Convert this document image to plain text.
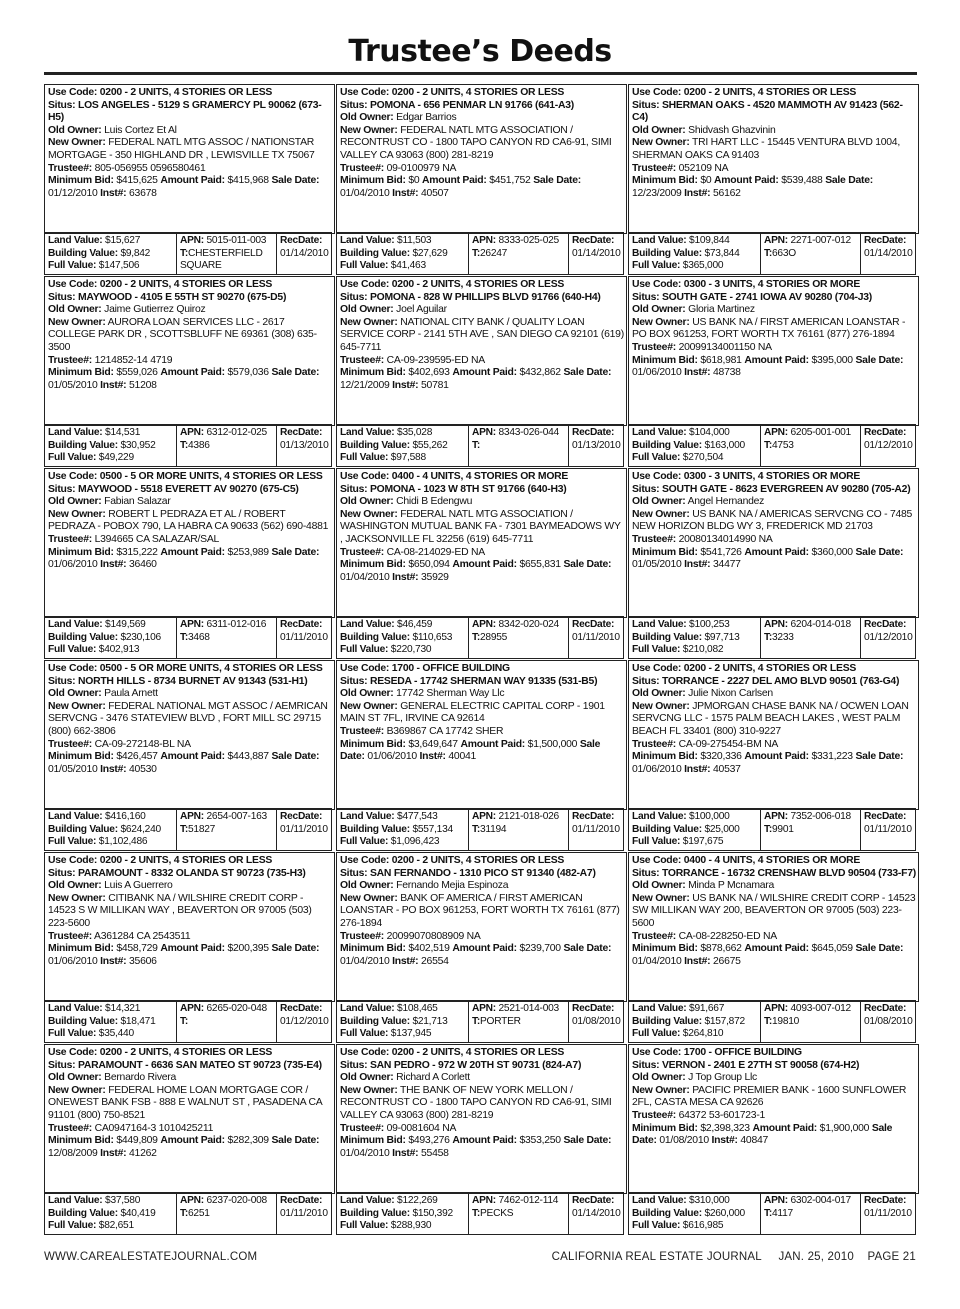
Trustee’s Deeds
Use Code: 0200 - 2 UNITS, 4 STORIES OR LESS
Situs: LOS ANGELES - 5129 S GRAMERCY PL 90062 (673-H5)
Old Owner: Luis Cortez Et Al
New Owner: FEDERAL NATL MTG ASSOC / NATIONSTAR MORTGAGE - 350 HIGHLAND DR , LEWISVILLE TX 75067
Trustee#: 805-056955 0596580461
Minimum Bid: $415,625 Amount Paid: $415,968 Sale Date: 01/12/2010 Inst#: 63678
Land Value: $15,627
Building Value: $9,842
Full Value: $147,506
APN: 5015-011-003
T:CHESTERFIELD SQUARE
RecDate:
01/14/2010
Use Code: 0200 - 2 UNITS, 4 STORIES OR LESS
Situs: POMONA - 656 PENMAR LN 91766 (641-A3)
Old Owner: Edgar Barrios
New Owner: FEDERAL NATL MTG ASSOCIATION / RECONTRUST CO - 1800 TAPO CANYON RD CA6-91, SIMI VALLEY CA 93063 (800) 281-8219
Trustee#: 09-0100979 NA
Minimum Bid: $0 Amount Paid: $451,752 Sale Date: 01/04/2010 Inst#: 40507
Land Value: $11,503
Building Value: $27,629
Full Value: $41,463
APN: 8333-025-025
T:26247
RecDate:
01/14/2010
Use Code: 0200 - 2 UNITS, 4 STORIES OR LESS
Situs: SHERMAN OAKS - 4520 MAMMOTH AV 91423 (562-C4)
Old Owner: Shidvash Ghazvinin
New Owner: TRI HART LLC - 15445 VENTURA BLVD 1004, SHERMAN OAKS CA 91403
Trustee#: 052109 NA
Minimum Bid: $0 Amount Paid: $539,488 Sale Date: 12/23/2009 Inst#: 56162
Land Value: $109,844
Building Value: $73,844
Full Value: $365,000
APN: 2271-007-012
T:663O
RecDate:
01/14/2010
Use Code: 0200 - 2 UNITS, 4 STORIES OR LESS
Situs: MAYWOOD - 4105 E 55TH ST 90270 (675-D5)
Old Owner: Jaime Gutierrez Quiroz
New Owner: AURORA LOAN SERVICES LLC - 2617 COLLEGE PARK DR , SCOTTSBLUFF NE 69361 (308) 635-3500
Trustee#: 1214852-14 4719
Minimum Bid: $559,026 Amount Paid: $579,036 Sale Date: 01/05/2010 Inst#: 51208
Land Value: $14,531
Building Value: $30,952
Full Value: $49,229
APN: 6312-012-025
T:4386
RecDate:
01/13/2010
Use Code: 0200 - 2 UNITS, 4 STORIES OR LESS
Situs: POMONA - 828 W PHILLIPS BLVD 91766 (640-H4)
Old Owner: Joel Aguilar
New Owner: NATIONAL CITY BANK / QUALITY LOAN SERVICE CORP - 2141 5TH AVE , SAN DIEGO CA 92101 (619) 645-7711
Trustee#: CA-09-239595-ED NA
Minimum Bid: $402,693 Amount Paid: $432,862 Sale Date: 12/21/2009 Inst#: 50781
Land Value: $35,028
Building Value: $55,262
Full Value: $97,588
APN: 8343-026-044
T:
RecDate:
01/13/2010
Use Code: 0300 - 3 UNITS, 4 STORIES OR MORE
Situs: SOUTH GATE - 2741 IOWA AV 90280 (704-J3)
Old Owner: Gloria Martinez
New Owner: US BANK NA / FIRST AMERICAN LOANSTAR - PO BOX 961253, FORT WORTH TX 76161 (877) 276-1894
Trustee#: 20099134001150 NA
Minimum Bid: $618,981 Amount Paid: $395,000 Sale Date: 01/06/2010 Inst#: 48738
Land Value: $104,000
Building Value: $163,000
Full Value: $270,504
APN: 6205-001-001
T:4753
RecDate:
01/12/2010
Use Code: 0500 - 5 OR MORE UNITS, 4 STORIES OR LESS
Situs: MAYWOOD - 5518 EVERETT AV 90270 (675-C5)
Old Owner: Fabian Salazar
New Owner: ROBERT L PEDRAZA ET AL / ROBERT PEDRAZA - POBOX 790, LA HABRA CA 90633 (562) 690-4881
Trustee#: L394665 CA SALAZAR/SAL
Minimum Bid: $315,222 Amount Paid: $253,989 Sale Date: 01/06/2010 Inst#: 36460
Land Value: $149,569
Building Value: $230,106
Full Value: $402,913
APN: 6311-012-016
T:3468
RecDate:
01/11/2010
Use Code: 0400 - 4 UNITS, 4 STORIES OR MORE
Situs: POMONA - 1023 W 8TH ST 91766 (640-H3)
Old Owner: Chidi B Edengwu
New Owner: FEDERAL NATL MTG ASSOCIATION / WASHINGTON MUTUAL BANK FA - 7301 BAYMEADOWS WY , JACKSONVILLE FL 32256 (619) 645-7711
Trustee#: CA-08-214029-ED NA
Minimum Bid: $650,094 Amount Paid: $655,831 Sale Date: 01/04/2010 Inst#: 35929
Land Value: $46,459
Building Value: $110,653
Full Value: $220,730
APN: 8342-020-024
T:28955
RecDate:
01/11/2010
Use Code: 0300 - 3 UNITS, 4 STORIES OR MORE
Situs: SOUTH GATE - 8623 EVERGREEN AV 90280 (705-A2)
Old Owner: Angel Hernandez
New Owner: US BANK NA / AMERICAS SERVCNG CO - 7485 NEW HORIZON BLDG WY 3, FREDERICK MD 21703
Trustee#: 20080134014990 NA
Minimum Bid: $541,726 Amount Paid: $360,000 Sale Date: 01/05/2010 Inst#: 34477
Land Value: $100,253
Building Value: $97,713
Full Value: $210,082
APN: 6204-014-018
T:3233
RecDate:
01/12/2010
Use Code: 0500 - 5 OR MORE UNITS, 4 STORIES OR LESS
Situs: NORTH HILLS - 8734 BURNET AV 91343 (531-H1)
Old Owner: Paula Arnett
New Owner: FEDERAL NATIONAL MGT ASSOC / AEMRICAN SERVCNG - 3476 STATEVIEW BLVD , FORT MILL SC 29715 (800) 662-3806
Trustee#: CA-09-272148-BL NA
Minimum Bid: $426,457 Amount Paid: $443,887 Sale Date: 01/05/2010 Inst#: 40530
Land Value: $416,160
Building Value: $624,240
Full Value: $1,102,486
APN: 2654-007-163
T:51827
RecDate:
01/11/2010
Use Code: 1700 - OFFICE BUILDING
Situs: RESEDA - 17742 SHERMAN WAY 91335 (531-B5)
Old Owner: 17742 Sherman Way Llc
New Owner: GENERAL ELECTRIC CAPITAL CORP - 1901 MAIN ST 7FL, IRVINE CA 92614
Trustee#: B369867 CA 17742 SHER
Minimum Bid: $3,649,647 Amount Paid: $1,500,000 Sale Date: 01/06/2010 Inst#: 40041
Land Value: $477,543
Building Value: $557,134
Full Value: $1,096,423
APN: 2121-018-026
T:31194
RecDate:
01/11/2010
Use Code: 0200 - 2 UNITS, 4 STORIES OR LESS
Situs: TORRANCE - 2227 DEL AMO BLVD 90501 (763-G4)
Old Owner: Julie Nixon Carlsen
New Owner: JPMORGAN CHASE BANK NA / OCWEN LOAN SERVCNG LLC - 1575 PALM BEACH LAKES , WEST PALM BEACH FL 33401 (800) 310-9227
Trustee#: CA-09-275454-BM NA
Minimum Bid: $320,336 Amount Paid: $331,223 Sale Date: 01/06/2010 Inst#: 40537
Land Value: $100,000
Building Value: $25,000
Full Value: $197,675
APN: 7352-006-018
T:9901
RecDate:
01/11/2010
Use Code: 0200 - 2 UNITS, 4 STORIES OR LESS
Situs: PARAMOUNT - 8332 OLANDA ST 90723 (735-H3)
Old Owner: Luis A Guerrero
New Owner: CITIBANK NA / WILSHIRE CREDIT CORP - 14523 S W MILLIKAN WAY , BEAVERTON OR 97005 (503) 223-5600
Trustee#: A361284 CA 2543511
Minimum Bid: $458,729 Amount Paid: $200,395 Sale Date: 01/06/2010 Inst#: 35606
Land Value: $14,321
Building Value: $18,471
Full Value: $35,440
APN: 6265-020-048
T:
RecDate:
01/12/2010
Use Code: 0200 - 2 UNITS, 4 STORIES OR LESS
Situs: SAN FERNANDO - 1310 PICO ST 91340 (482-A7)
Old Owner: Fernando Mejia Espinoza
New Owner: BANK OF AMERICA / FIRST AMERICAN LOANSTAR - PO BOX 961253, FORT WORTH TX 76161 (877) 276-1894
Trustee#: 20099070808909 NA
Minimum Bid: $402,519 Amount Paid: $239,700 Sale Date: 01/04/2010 Inst#: 26554
Land Value: $108,465
Building Value: $21,713
Full Value: $137,945
APN: 2521-014-003
T:PORTER
RecDate:
01/08/2010
Use Code: 0400 - 4 UNITS, 4 STORIES OR MORE
Situs: TORRANCE - 16732 CRENSHAW BLVD 90504 (733-F7)
Old Owner: Minda P Mcnamara
New Owner: US BANK NA / WILSHIRE CREDIT CORP - 14523 SW MILLIKAN WAY 200, BEAVERTON OR 97005 (503) 223-5600
Trustee#: CA-08-228250-ED NA
Minimum Bid: $878,662 Amount Paid: $645,059 Sale Date: 01/04/2010 Inst#: 26675
Land Value: $91,667
Building Value: $157,872
Full Value: $264,810
APN: 4093-007-012
T:19810
RecDate:
01/08/2010
Use Code: 0200 - 2 UNITS, 4 STORIES OR LESS
Situs: PARAMOUNT - 6636 SAN MATEO ST 90723 (735-E4)
Old Owner: Bernardo Rivera
New Owner: FEDERAL HOME LOAN MORTGAGE COR / ONEWEST BANK FSB - 888 E WALNUT ST , PASADENA CA 91101 (800) 750-8521
Trustee#: CA0947164-3 1010425211
Minimum Bid: $449,809 Amount Paid: $282,309 Sale Date: 12/08/2009 Inst#: 41262
Land Value: $37,580
Building Value: $40,419
Full Value: $82,651
APN: 6237-020-008
T:6251
RecDate:
01/11/2010
Use Code: 0200 - 2 UNITS, 4 STORIES OR LESS
Situs: SAN PEDRO - 972 W 20TH ST 90731 (824-A7)
Old Owner: Richard A Corlett
New Owner: THE BANK OF NEW YORK MELLON / RECONTRUST CO - 1800 TAPO CANYON RD CA6-91, SIMI VALLEY CA 93063 (800) 281-8219
Trustee#: 09-0081604 NA
Minimum Bid: $493,276 Amount Paid: $353,250 Sale Date: 01/04/2010 Inst#: 55458
Land Value: $122,269
Building Value: $150,392
Full Value: $288,930
APN: 7462-012-114
T:PECKS
RecDate:
01/14/2010
Use Code: 1700 - OFFICE BUILDING
Situs: VERNON - 2401 E 27TH ST 90058 (674-H2)
Old Owner: J Top Group Llc
New Owner: PACIFIC PREMIER BANK - 1600 SUNFLOWER 2FL, CASTA MESA CA 92626
Trustee#: 64372 53-601723-1
Minimum Bid: $2,398,323 Amount Paid: $1,900,000 Sale Date: 01/08/2010 Inst#: 40847
Land Value: $310,000
Building Value: $260,000
Full Value: $616,985
APN: 6302-004-017
T:4117
RecDate:
01/11/2010
WWW.CAREALESTATEJOURNAL.COM	CALIFORNIA REAL ESTATE JOURNAL     JAN. 25, 2010    PAGE 21
